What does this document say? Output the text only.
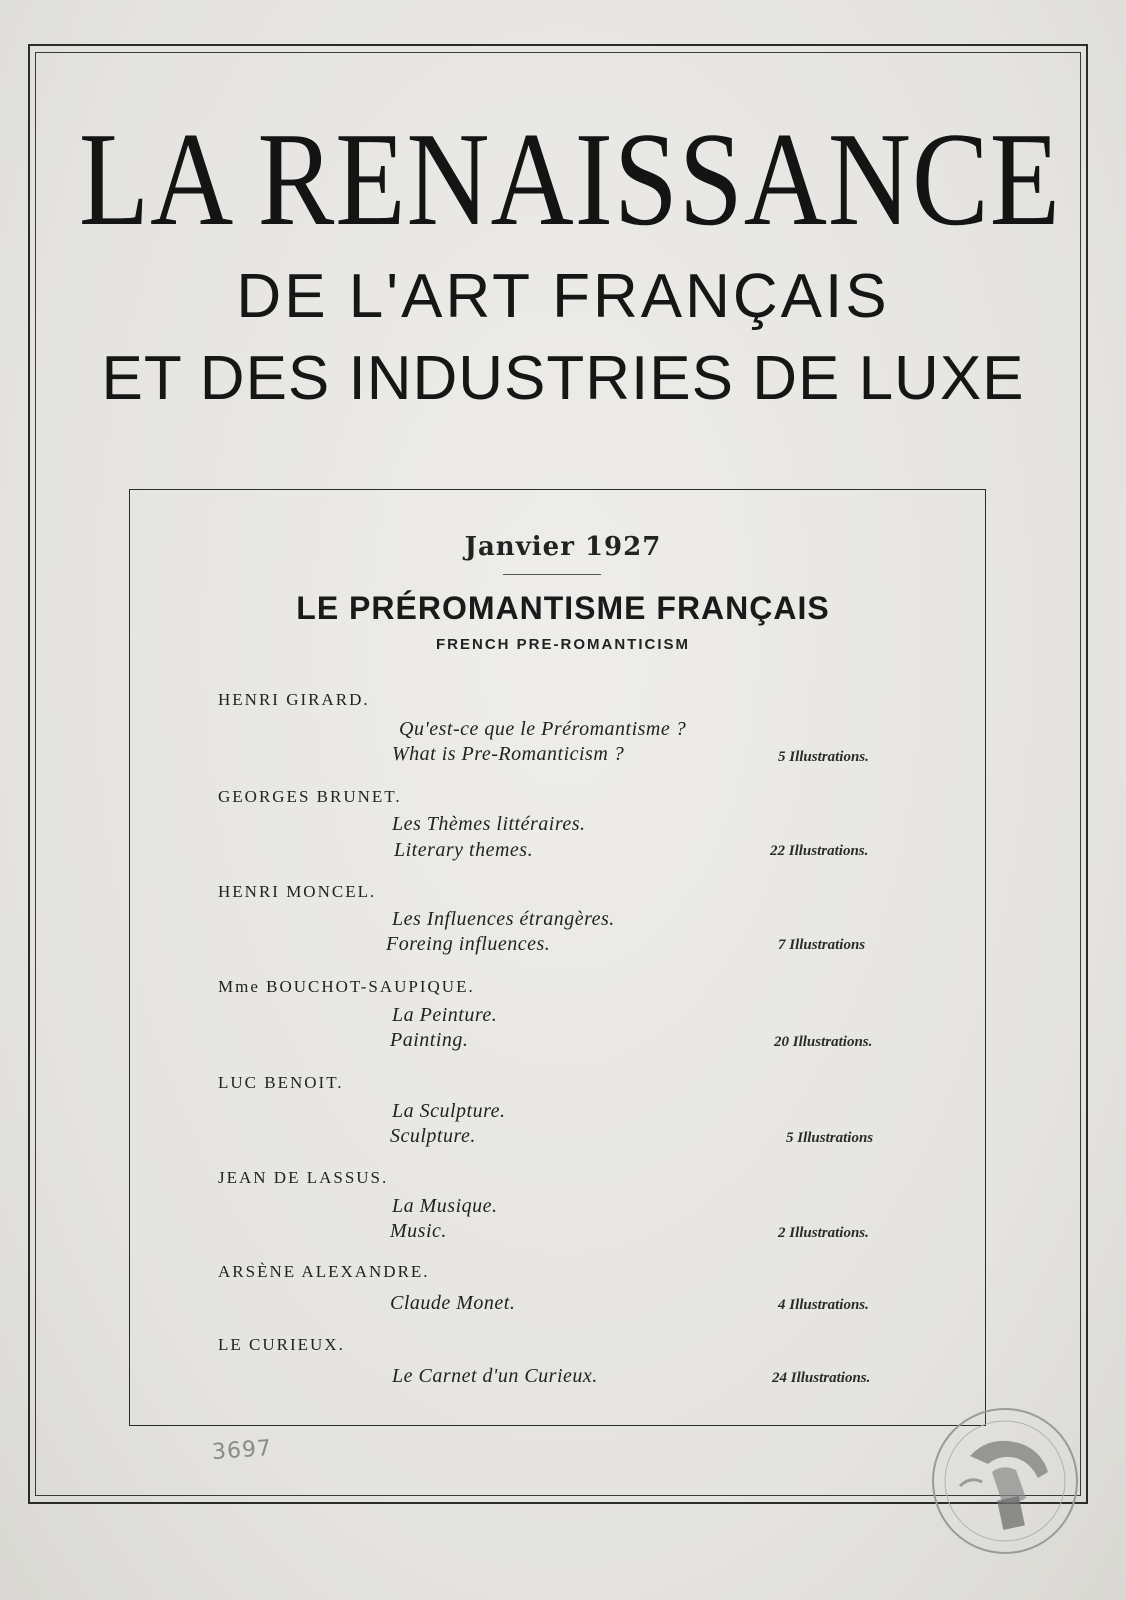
LA RENAISSANCE
DE L'ART FRANÇAIS
ET DES INDUSTRIES DE LUXE
Janvier 1927
LE PRÉROMANTISME FRANÇAIS
FRENCH PRE-ROMANTICISM
HENRI GIRARD.
Qu'est-ce que le Préromantisme ?
What is Pre-Romanticism ?	5 Illustrations.
GEORGES BRUNET.
Les Thèmes littéraires.
Literary themes.	22 Illustrations.
HENRI MONCEL.
Les Influences étrangères.
Foreing influences.	7 Illustrations
Mme BOUCHOT-SAUPIQUE.
La Peinture.
Painting.	20 Illustrations.
LUC BENOIT.
La Sculpture.
Sculpture.	5 Illustrations
JEAN DE LASSUS.
La Musique.
Music.	2 Illustrations.
ARSÈNE ALEXANDRE.
Claude Monet.	4 Illustrations.
LE CURIEUX.
Le Carnet d'un Curieux.	24 Illustrations.
3697
